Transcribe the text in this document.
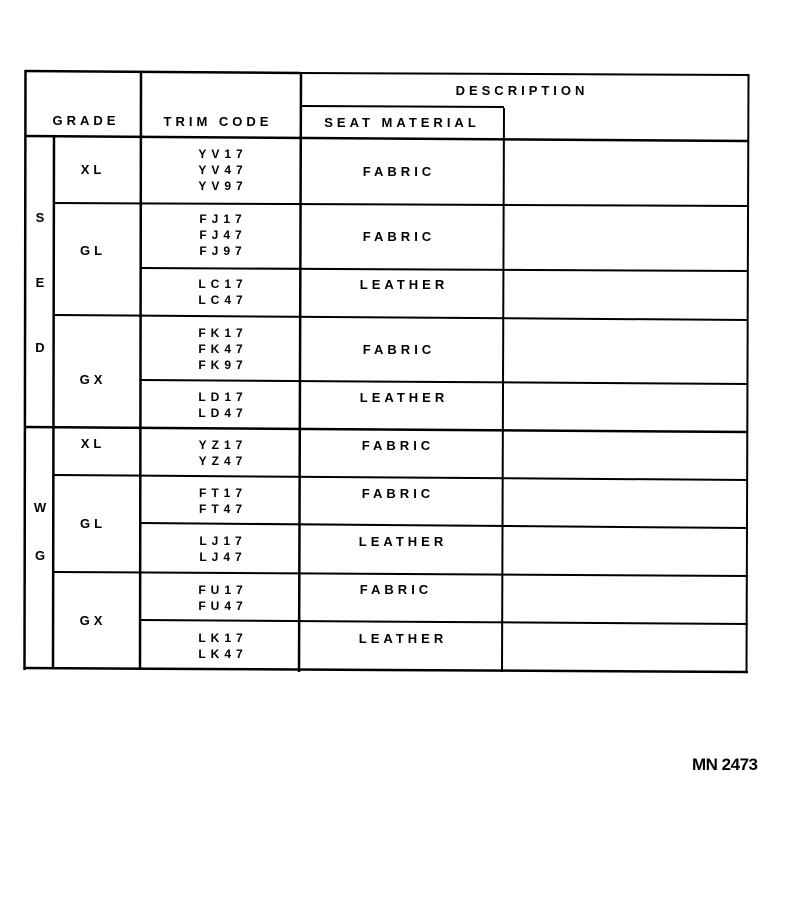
GRADE	TRIM CODE
DESCRIPTION
SEAT MATERIAL
S
E
D
W
G
XL
GL
GX
XL
GL
GX
YV17
YV47
YV97
FJ17
FJ47
FJ97
LC17
LC47
FK17
FK47
FK97
LD17
LD47
YZ17
YZ47
FT17
FT47
LJ17
LJ47
FU17
FU47
LK17
LK47
FABRIC
FABRIC
LEATHER
FABRIC
LEATHER
FABRIC
FABRIC
LEATHER
FABRIC
LEATHER
MN 2473
